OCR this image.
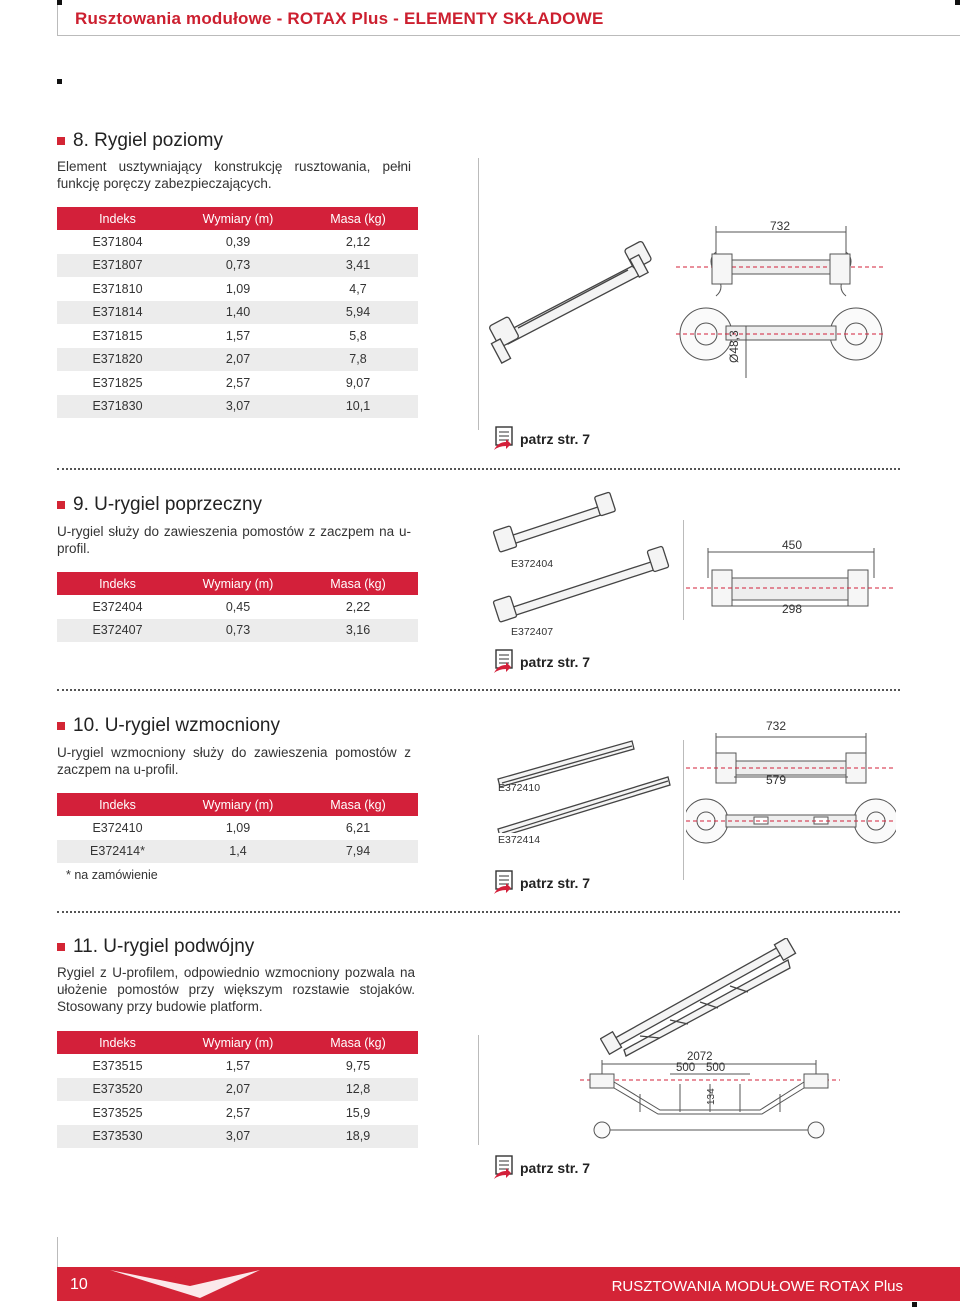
Rusztowania modułowe - ROTAX Plus - ELEMENTY SKŁADOWE
8. Rygiel poziomy
Element usztywniający konstrukcję rusztowania, pełni funkcję poręczy zabezpieczających.
Indeks	Wymiary (m)	Masa (kg)
E371804	0,39	2,12
E371807	0,73	3,41
E371810	1,09	4,7
E371814	1,40	5,94
E371815	1,57	5,8
E371820	2,07	7,8
E371825	2,57	9,07
E371830	3,07	10,1
732
Ø48,3
patrz str. 7
9. U-rygiel poprzeczny
U-rygiel służy do zawieszenia pomostów z zaczpem na u-profil.
Indeks	Wymiary (m)	Masa (kg)
E372404	0,45	2,22
E372407	0,73	3,16
E372404
E372407
450
298
patrz str. 7
10. U-rygiel wzmocniony
U-rygiel wzmocniony służy do zawieszenia pomostów z zaczpem na u-profil.
Indeks	Wymiary (m)	Masa (kg)
E372410	1,09	6,21
E372414*	1,4	7,94
* na zamówienie
E372410
E372414
732
579
patrz str. 7
11. U-rygiel podwójny
Rygiel z U-profilem, odpowiednio wzmocniony pozwala na ułożenie pomostów przy większym rozstawie stojaków. Stosowany przy budowie platform.
Indeks	Wymiary (m)	Masa (kg)
E373515	1,57	9,75
E373520	2,07	12,8
E373525	2,57	15,9
E373530	3,07	18,9
2072
500 500
134
patrz str. 7
10	RUSZTOWANIA MODUŁOWE ROTAX Plus
